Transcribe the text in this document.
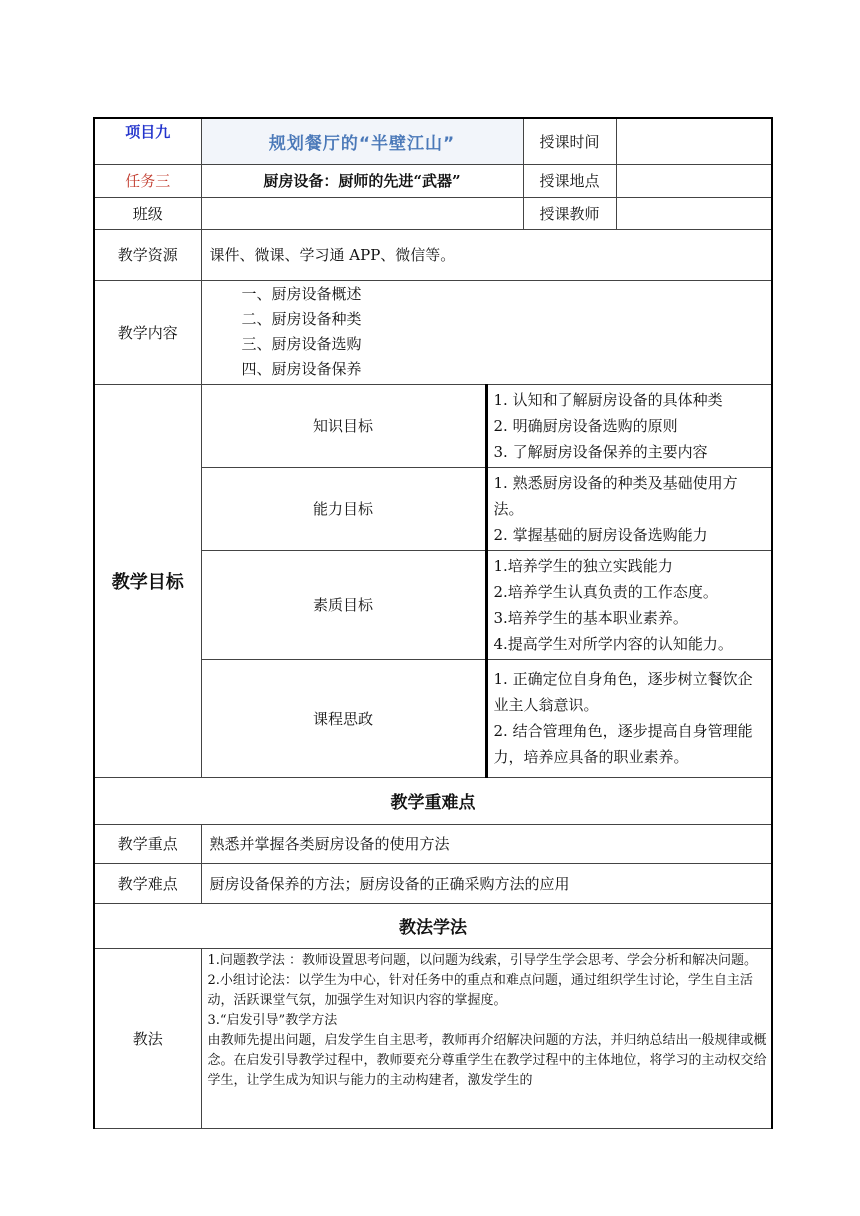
项目九	规划餐厅的“半壁江山”		授课时间	
任务三	厨房设备：厨师的先进“武器”		授课地点	
班级			授课教师	
教学资源	课件、微课、学习通 APP、微信等。			
教学内容	一、厨房设备概述
二、厨房设备种类
三、厨房设备选购
四、厨房设备保养			

教学目标	知识目标	1. 认知和了解厨房设备的具体种类
2. 明确厨房设备选购的原则
3. 了解厨房设备保养的主要内容		

	能力目标	1. 熟悉厨房设备的种类及基础使用方法。
2. 掌握基础的厨房设备选购能力		

	素质目标	1.培养学生的独立实践能力
2.培养学生认真负责的工作态度。
3.培养学生的基本职业素养。
4.提高学生对所学内容的认知能力。		

	课程思政	1. 正确定位自身角色，逐步树立餐饮企业主人翁意识。
2. 结合管理角色，逐步提高自身管理能力，培养应具备的职业素养。		

教学重难点				
教学重点	熟悉并掌握各类厨房设备的使用方法			
教学难点	厨房设备保养的方法；厨房设备的正确采购方法的应用			
教法学法				
教法	1.问题教学法 ：教师设置思考问题，以问题为线索，引导学生学会思考、学会分析和解决问题。
2.小组讨论法：以学生为中心，针对任务中的重点和难点问题，通过组织学生讨论，学生自主活动，活跃课堂气氛，加强学生对知识内容的掌握度。
3.“启发引导”教学方法
由教师先提出问题，启发学生自主思考，教师再介绍解决问题的方法，并归纳总结出一般规律或概念。在启发引导教学过程中，教师要充分尊重学生在教学过程中的主体地位，将学习的主动权交给学生，让学生成为知识与能力的主动构建者，激发学生的			
